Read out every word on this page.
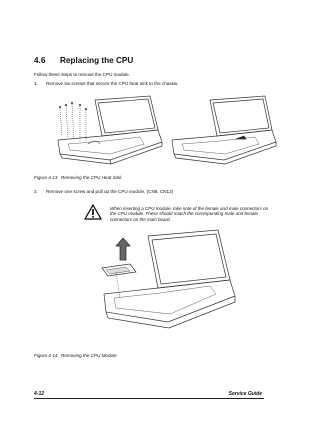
4.6 Replacing the CPU
Follow these steps to remove the CPU module.
1. Remove six screws that secure the CPU heat sink to the chassis.
Figure 4-13 Removing the CPU Heat Sink
2. Remove one screw and pull up the CPU module. (CN8, CN12)
When inserting a CPU module, take note of the female and male connectors on the CPU module. These should match the corresponding male and female connectors on the main board.
Figure 4-14 Removing the CPU Module
4-12	Service Guide
